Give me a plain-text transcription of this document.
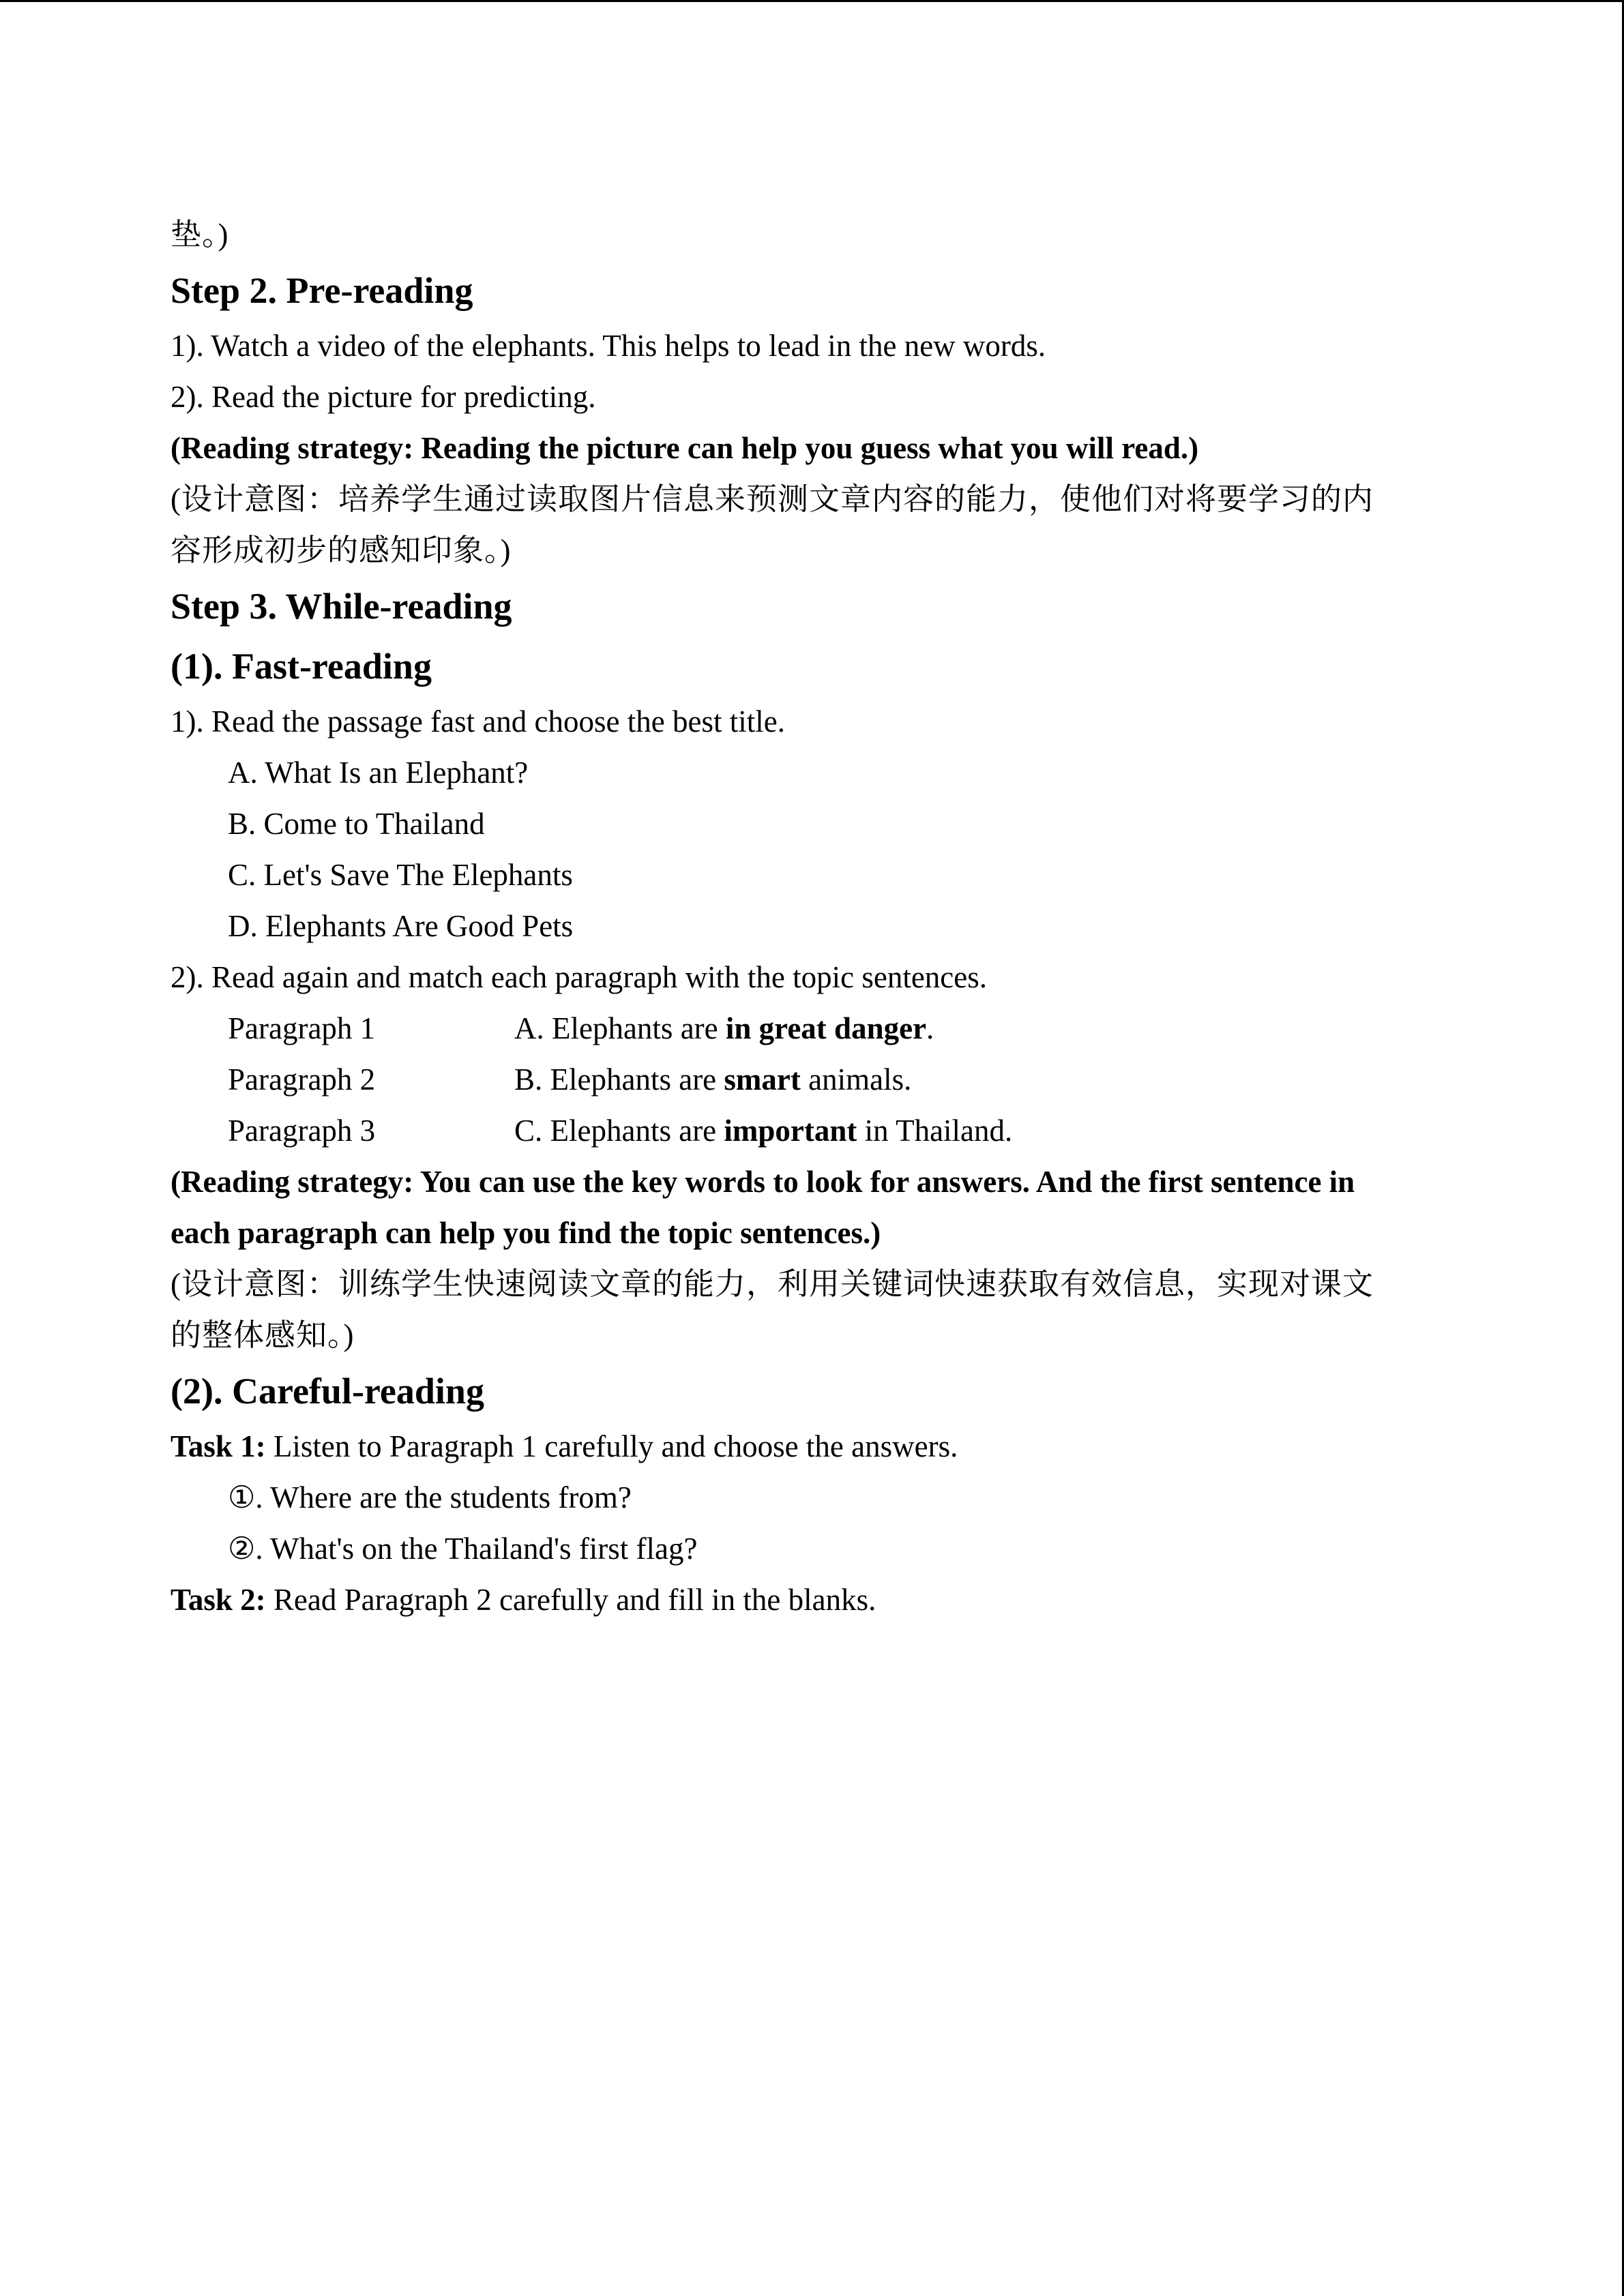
垫。)
Step 2. Pre-reading
1). Watch a video of the elephants. This helps to lead in the new words.
2). Read the picture for predicting.
(Reading strategy: Reading the picture can help you guess what you will read.)
(设计意图：培养学生通过读取图片信息来预测文章内容的能力，使他们对将要学习的内
容形成初步的感知印象。)
Step 3. While-reading
(1). Fast-reading
1). Read the passage fast and choose the best title.
A. What Is an Elephant?
B. Come to Thailand
C. Let's Save The Elephants
D. Elephants Are Good Pets
2). Read again and match each paragraph with the topic sentences.
Paragraph 1	A. Elephants are in great danger.
Paragraph 2	B. Elephants are smart animals.
Paragraph 3	C. Elephants are important in Thailand.
(Reading strategy: You can use the key words to look for answers. And the first sentence in
each paragraph can help you find the topic sentences.)
(设计意图：训练学生快速阅读文章的能力，利用关键词快速获取有效信息，实现对课文
的整体感知。)
(2). Careful-reading
Task 1: Listen to Paragraph 1 carefully and choose the answers.
①. Where are the students from?
②. What's on the Thailand's first flag?
Task 2: Read Paragraph 2 carefully and fill in the blanks.
